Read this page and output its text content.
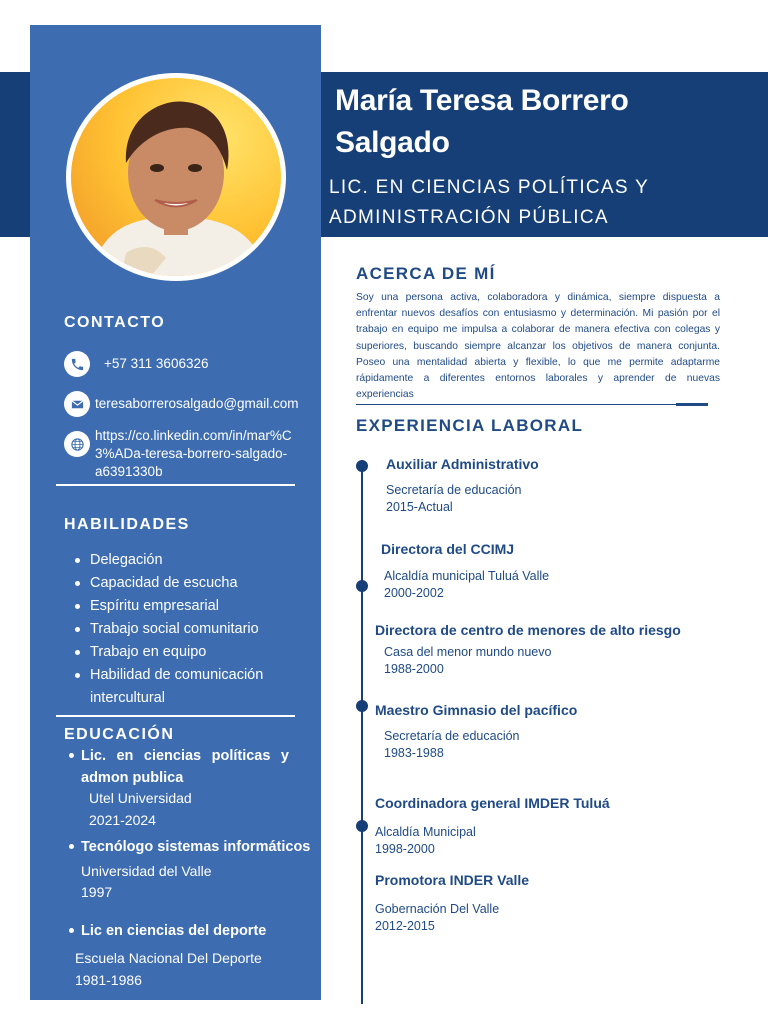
María Teresa Borrero
Salgado
LIC. EN CIENCIAS POLÍTICAS Y
ADMINISTRACIÓN PÚBLICA
CONTACTO
+57 311 3606326
teresaborrerosalgado@gmail.com
https://co.linkedin.com/in/mar%C
3%ADa-teresa-borrero-salgado-
a6391330b
HABILIDADES
Delegación
Capacidad de escucha
Espíritu empresarial
Trabajo social comunitario
Trabajo en equipo
Habilidad de comunicación intercultural
EDUCACIÓN
Lic. en ciencias políticas y
admon publica
Utel Universidad
2021-2024
Tecnólogo sistemas informáticos
Universidad del Valle
1997
Lic en ciencias del deporte
Escuela Nacional Del Deporte
1981-1986
ACERCA DE MÍ
Soy una persona activa, colaboradora y dinámica, siempre dispuesta a enfrentar nuevos desafíos con entusiasmo y determinación. Mi pasión por el trabajo en equipo me impulsa a colaborar de manera efectiva con colegas y superiores, buscando siempre alcanzar los objetivos de manera conjunta. Poseo una mentalidad abierta y flexible, lo que me permite adaptarme rápidamente a diferentes entornos laborales y aprender de nuevas experiencias
EXPERIENCIA LABORAL
Auxiliar Administrativo
Secretaría de educación
2015-Actual
Directora del CCIMJ
Alcaldía municipal Tuluá Valle
2000-2002
Directora de centro de menores de alto riesgo
Casa del menor mundo nuevo
1988-2000
Maestro Gimnasio del pacífico
Secretaría de educación
1983-1988
Coordinadora general IMDER Tuluá
Alcaldía Municipal
1998-2000
Promotora INDER Valle
Gobernación Del Valle
2012-2015
